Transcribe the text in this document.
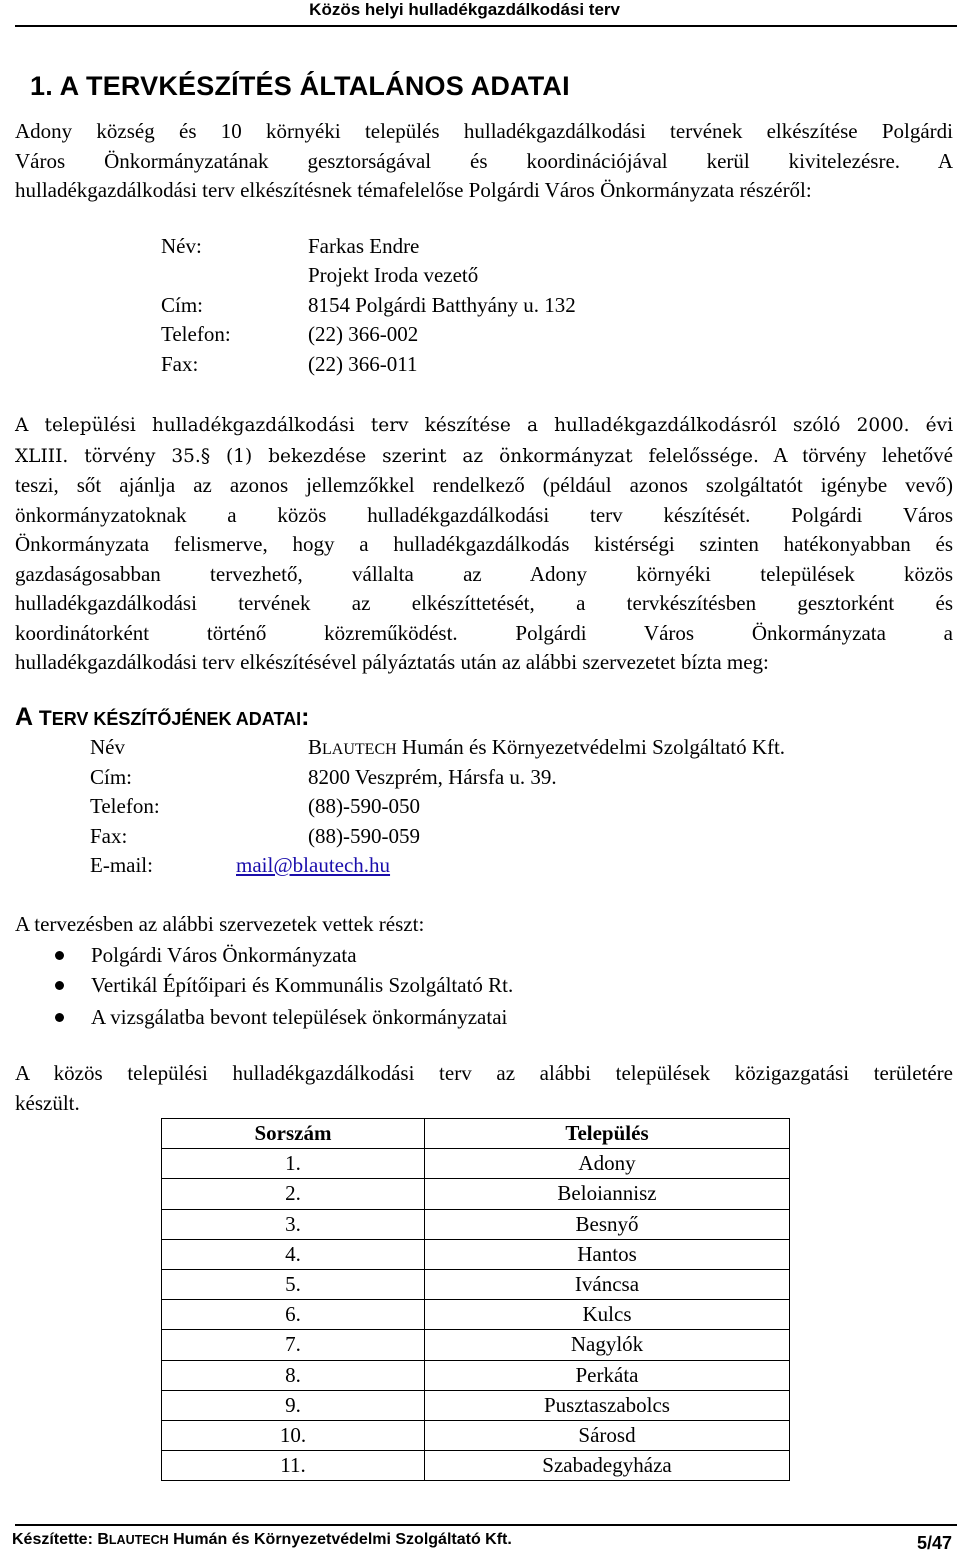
Közös helyi hulladékgazdálkodási terv
1. A TERVKÉSZÍTÉS ÁLTALÁNOS ADATAI
Adony község és 10 környéki település hulladékgazdálkodási tervének elkészítése Polgárdi
Város Önkormányzatának gesztorságával és koordinációjával kerül kivitelezésre. A
hulladékgazdálkodási terv elkészítésnek témafelelőse Polgárdi Város Önkormányzata részéről:
Név:	Farkas Endre
Projekt Iroda vezető
Cím:	8154 Polgárdi Batthyány u. 132
Telefon:	(22) 366-002
Fax:	(22) 366-011
A települési hulladékgazdálkodási terv készítése a hulladékgazdálkodásról szóló 2000. évi
XLIII. törvény 35.§ (1) bekezdése szerint az önkormányzat felelőssége. A törvény lehetővé
teszi, sőt ajánlja az azonos jellemzőkkel rendelkező (például azonos szolgáltatót igénybe vevő)
önkormányzatoknak a közös hulladékgazdálkodási terv készítését. Polgárdi Város
Önkormányzata felismerve, hogy a hulladékgazdálkodás kistérségi szinten hatékonyabban és
gazdaságosabban tervezhető, vállalta az Adony környéki települések közös
hulladékgazdálkodási tervének az elkészíttetését, a tervkészítésben gesztorként és
koordinátorként történő közreműködést. Polgárdi Város Önkormányzata a
hulladékgazdálkodási terv elkészítésével pályáztatás után az alábbi szervezetet bízta meg:
A TERV KÉSZÍTŐJÉNEK ADATAI:
Név	BLAUTECH Humán és Környezetvédelmi Szolgáltató Kft.
Cím:	8200 Veszprém, Hársfa u. 39.
Telefon:	(88)-590-050
Fax:	(88)-590-059
E-mail:	mail@blautech.hu
A tervezésben az alábbi szervezetek vettek részt:
Polgárdi Város Önkormányzata
Vertikál Építőipari és Kommunális Szolgáltató Rt.
A vizsgálatba bevont települések önkormányzatai
A közös települési hulladékgazdálkodási terv az alábbi települések közigazgatási területére
készült.
Sorszám	Település
1.	Adony
2.	Beloiannisz
3.	Besnyő
4.	Hantos
5.	Iváncsa
6.	Kulcs
7.	Nagylók
8.	Perkáta
9.	Pusztaszabolcs
10.	Sárosd
11.	Szabadegyháza
Készítette: BLAUTECH Humán és Környezetvédelmi Szolgáltató Kft.	5/47
